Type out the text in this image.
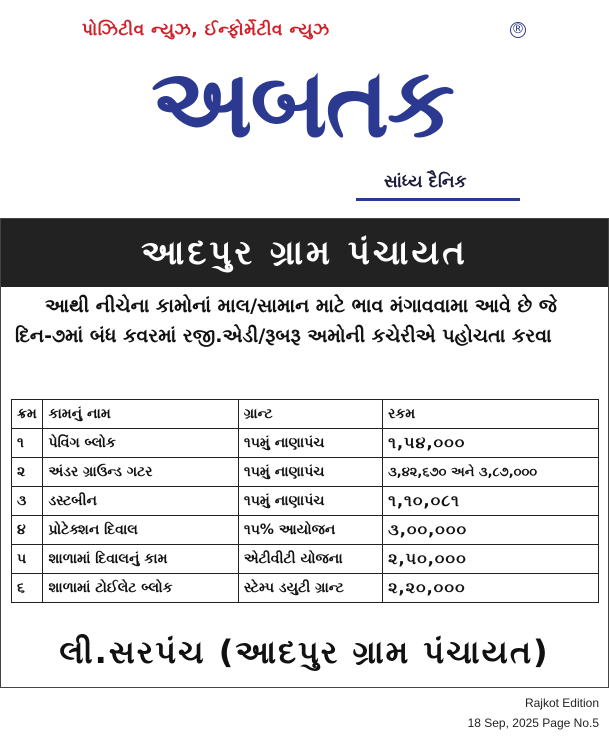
પોઝિટીવ ન્યુઝ, ઈન્ફોર્મેટીવ ન્યુઝ	®
અબતક
સાંધ્ય દૈનિક
આદપુર ગ્રામ પંચાયત
આથી નીચેના કામોનાં માલ/સામાન માટે ભાવ મંગાવવામા આવે છે જે દિન-૭માં બંધ કવરમાં રજી.એડી/રૂબરૂ અમોની કચેરીએ પહોચતા કરવા
ક્રમ	કામનું નામ	ગ્રાન્ટ	રકમ
૧	પેવિંગ બ્લોક	૧૫મું નાણાપંચ	૧,૫૪,૦૦૦
૨	અંડર ગ્રાઉન્ડ ગટર	૧૫મું નાણાપંચ	૩,૪૨,૬૭૦ અને ૩,૮૭,૦૦૦
૩	ડસ્ટબીન	૧૫મું નાણાપંચ	૧,૧૦,૦૮૧
૪	પ્રોટેક્શન દિવાલ	૧૫% આયોજન	૩,૦૦,૦૦૦
૫	શાળામાં દિવાલનું કામ	એટીવીટી યોજના	૨,૫૦,૦૦૦
૬	શાળામાં ટોઈલેટ બ્લોક	સ્ટેમ્પ ડયુટી ગ્રાન્ટ	૨,૨૦,૦૦૦
લી.સરપંચ (આદપુર ગ્રામ પંચાયત)
Rajkot Edition
18 Sep, 2025 Page No.5
